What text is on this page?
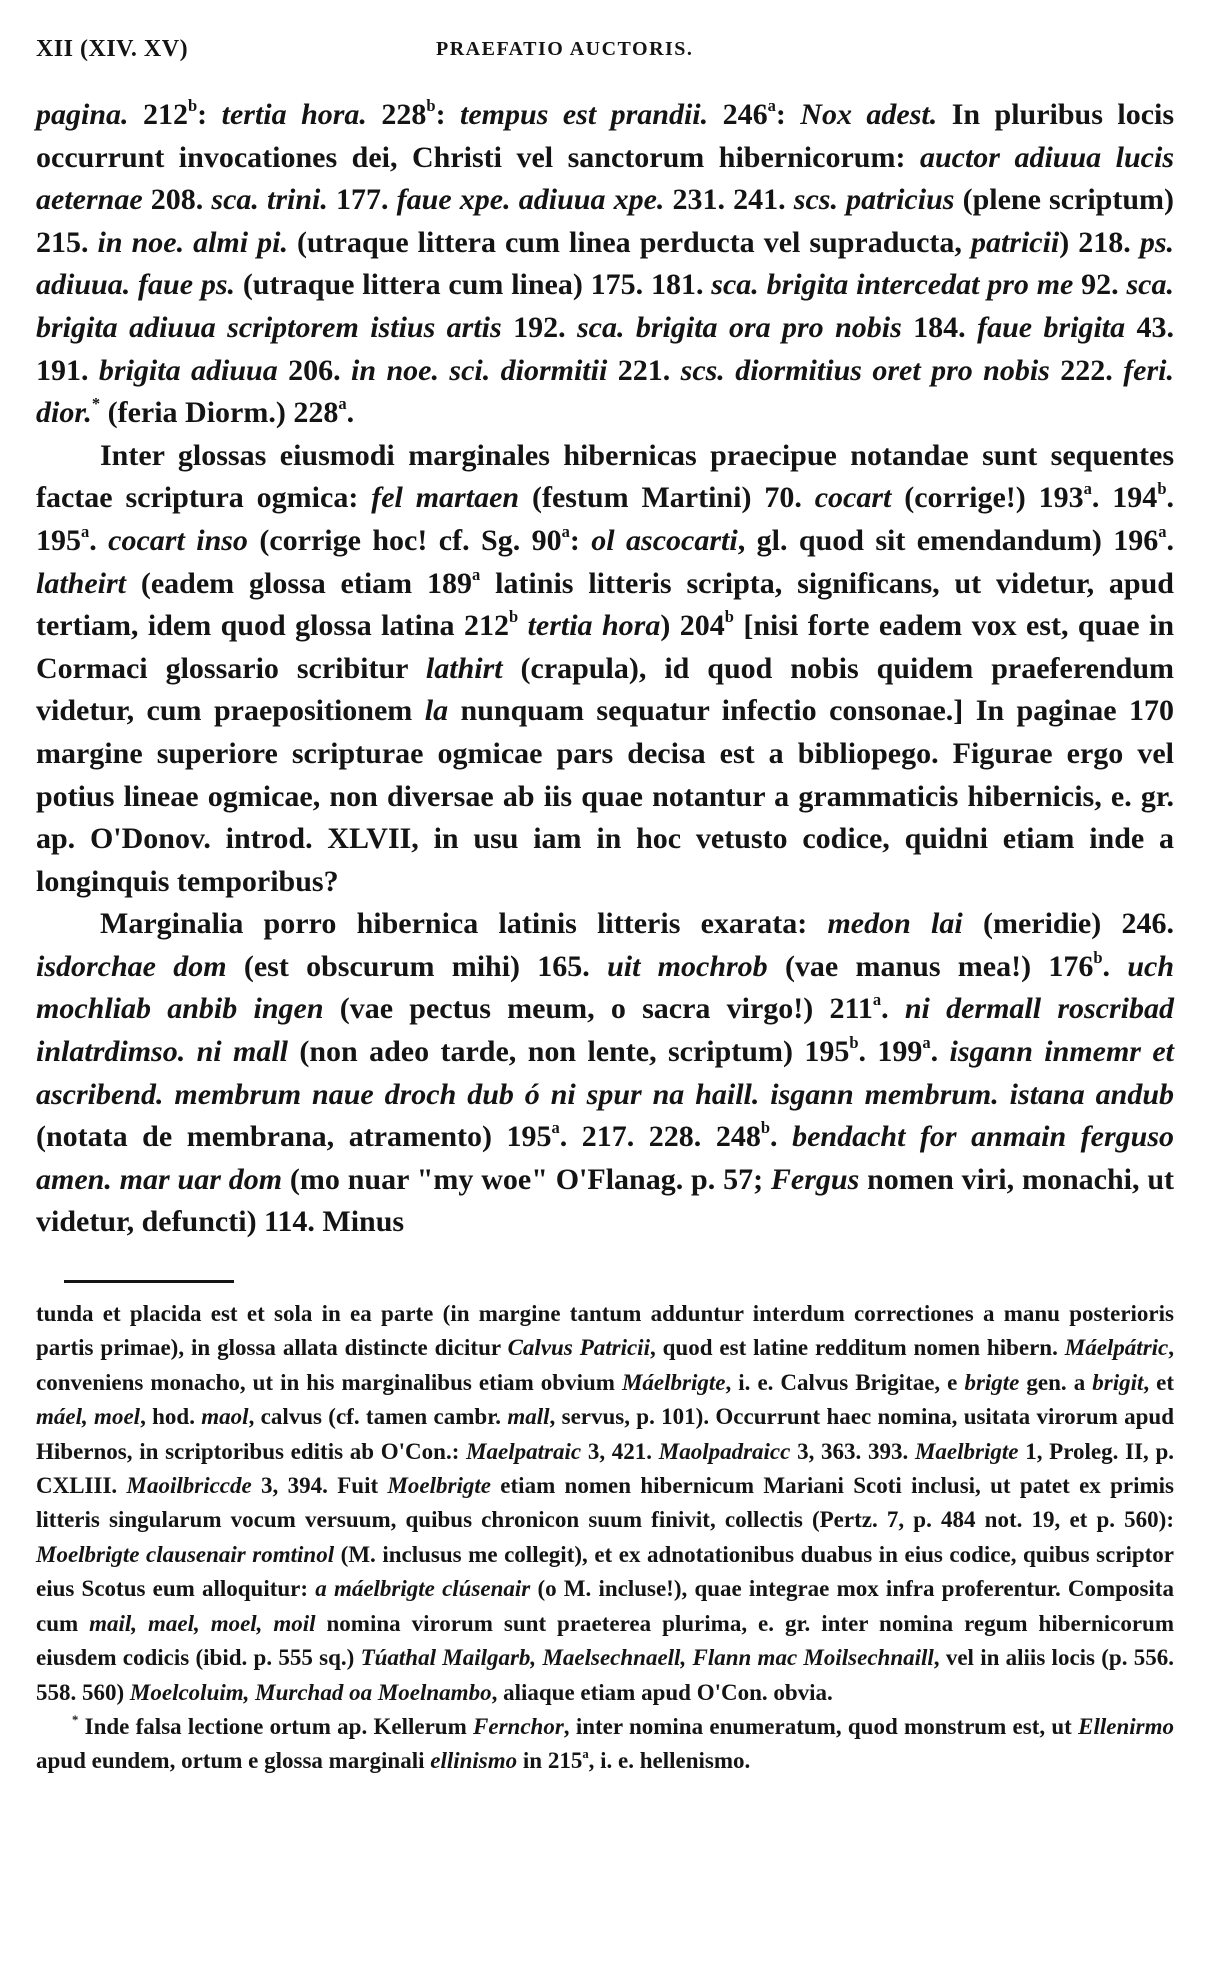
XII (XIV. XV)	PRAEFATIO AUCTORIS.

pagina. 212$^b$: tertia hora. 228$^b$: tempus est prandii. 246$^a$: Nox adest. In pluribus locis occurrunt invocationes dei, Christi vel sanctorum hibernicorum: auctor adiuua lucis aeternae 208. sca. trini. 177. faue xpe. adiuua xpe. 231. 241. scs. patricius (plene scriptum) 215. in noe. almi pi. (utraque littera cum linea perducta vel supraducta, patricii) 218. ps. adiuua. faue ps. (utraque littera cum linea) 175. 181. sca. brigita intercedat pro me 92. sca. brigita adiuua scriptorem istius artis 192. sca. brigita ora pro nobis 184. faue brigita 43. 191. brigita adiuua 206. in noe. sci. diormitii 221. scs. diormitius oret pro nobis 222. feri. dior.* (feria Diorm.) 228$^a$.

Inter glossas eiusmodi marginales hibernicas praecipue notandae sunt sequentes factae scriptura ogmica: fel martaen (festum Martini) 70. cocart (corrige!) 193$^a$. 194$^b$. 195$^a$. cocart inso (corrige hoc! cf. Sg. 90$^a$: ol ascocarti, gl. quod sit emendandum) 196$^a$. latheirt (eadem glossa etiam 189$^a$ latinis litteris scripta, significans, ut videtur, apud tertiam, idem quod glossa latina 212$^b$ tertia hora) 204$^b$ [nisi forte eadem vox est, quae in Cormaci glossario scribitur lathirt (crapula), id quod nobis quidem praeferendum videtur, cum praepositionem la nunquam sequatur infectio consonae.] In paginae 170 margine superiore scripturae ogmicae pars decisa est a bibliopego. Figurae ergo vel potius lineae ogmicae, non diversae ab iis quae notantur a grammaticis hibernicis, e. gr. ap. O'Donov. introd. XLVII, in usu iam in hoc vetusto codice, quidni etiam inde a longinquis temporibus?

Marginalia porro hibernica latinis litteris exarata: medon lai (meridie) 246. isdorchae dom (est obscurum mihi) 165. uit mochrob (vae manus mea!) 176$^b$. uch mochliab anbib ingen (vae pectus meum, o sacra virgo!) 211$^a$. ni dermall roscribad inlatrdimso. ni mall (non adeo tarde, non lente, scriptum) 195$^b$. 199$^a$. isgann inmemr et ascribend. membrum naue droch dub ó ni spur na haill. isgann membrum. istana andub (notata de membrana, atramento) 195$^a$. 217. 228. 248$^b$. bendacht for anmain ferguso amen. mar uar dom (mo nuar "my woe" O'Flanag. p. 57; Fergus nomen viri, monachi, ut videtur, defuncti) 114. Minus

tunda et placida est et sola in ea parte (in margine tantum adduntur interdum correctiones a manu posterioris partis primae), in glossa allata distincte dicitur Calvus Patricii, quod est latine redditum nomen hibern. Máelpátric, conveniens monacho, ut in his marginalibus etiam obvium Máelbrigte, i. e. Calvus Brigitae, e brigte gen. a brigit, et máel, moel, hod. maol, calvus (cf. tamen cambr. mall, servus, p. 101). Occurrunt haec nomina, usitata virorum apud Hibernos, in scriptoribus editis ab O'Con.: Maelpatraic 3, 421. Maolpadraicc 3, 363. 393. Maelbrigte 1, Proleg. II, p. CXLIII. Maoilbriccde 3, 394. Fuit Moelbrigte etiam nomen hibernicum Mariani Scoti inclusi, ut patet ex primis litteris singularum vocum versuum, quibus chronicon suum finivit, collectis (Pertz. 7, p. 484 not. 19, et p. 560): Moelbrigte clausenair romtinol (M. inclusus me collegit), et ex adnotationibus duabus in eius codice, quibus scriptor eius Scotus eum alloquitur: a máelbrigte clúsenair (o M. incluse!), quae integrae mox infra proferentur. Composita cum mail, mael, moel, moil nomina virorum sunt praeterea plurima, e. gr. inter nomina regum hibernicorum eiusdem codicis (ibid. p. 555 sq.) Túathal Mailgarb, Maelsechnaell, Flann mac Moilsechnaill, vel in aliis locis (p. 556. 558. 560) Moelcoluim, Murchad oa Moelnambo, aliaque etiam apud O'Con. obvia.

* Inde falsa lectione ortum ap. Kellerum Fernchor, inter nomina enumeratum, quod monstrum est, ut Ellenirmo apud eundem, ortum e glossa marginali ellinismo in 215$^a$, i. e. hellenismo.
